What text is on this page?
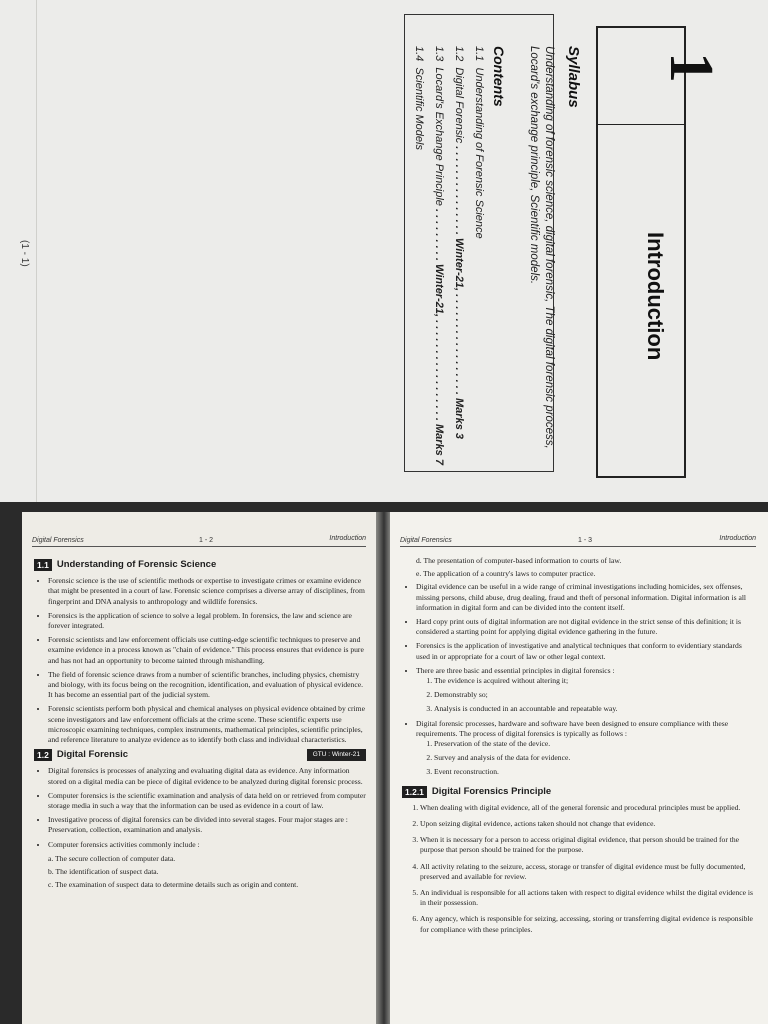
1
Introduction
Syllabus
Understanding of forensic science, digital forensic, The digital forensic process, Locard's exchange principle, Scientific models.
Contents
1.1  Understanding of Forensic Science
1.2  Digital Forensic . . . . . . . . . . . . . . . Winter-21, . . . . . . . . . . . . . . . . . Marks 3
1.3  Locard's Exchange Principle . . . . . . . . . Winter-21, . . . . . . . . . . . . . . . . . Marks 7
1.4  Scientific Models
(1 - 1)
Digital Forensics	1 - 2	Introduction
1.1 Understanding of Forensic Science
• Forensic science is the use of scientific methods or expertise to investigate crimes or examine evidence that might be presented in a court of law. Forensic science comprises a diverse array of disciplines, from fingerprint and DNA analysis to anthropology and wildlife forensics.
• Forensics is the application of science to solve a legal problem. In forensics, the law and science are forever integrated.
• Forensic scientists and law enforcement officials use cutting-edge scientific techniques to preserve and examine evidence in a process known as "chain of evidence." This process ensures that evidence is pure and has not had an opportunity to become tainted through mishandling.
• The field of forensic science draws from a number of scientific branches, including physics, chemistry and biology, with its focus being on the recognition, identification, and evaluation of physical evidence. It has become an essential part of the judicial system.
• Forensic scientists perform both physical and chemical analyses on physical evidence obtained by crime scene investigators and law enforcement officials at the crime scene. These scientific experts use microscopic examining techniques, complex instruments, mathematical principles, scientific principles, and reference literature to analyze evidence as to identify both class and individual characteristics.
1.2 Digital Forensic	GTU : Winter-21
• Digital forensics is processes of analyzing and evaluating digital data as evidence. Any information stored on a digital media can be piece of digital evidence to be analyzed during digital forensic process.
• Computer forensics is the scientific examination and analysis of data held on or retrieved from computer storage media in such a way that the information can be used as evidence in a court of law.
• Investigative process of digital forensics can be divided into several stages. Four major stages are : Preservation, collection, examination and analysis.
• Computer forensics activities commonly include :
a. The secure collection of computer data.
b. The identification of suspect data.
c. The examination of suspect data to determine details such as origin and content.
Digital Forensics	1 - 3	Introduction
d. The presentation of computer-based information to courts of law.
e. The application of a country's laws to computer practice.
• Digital evidence can be useful in a wide range of criminal investigations including homicides, sex offenses, missing persons, child abuse, drug dealing, fraud and theft of personal information. Digital information is all information in digital form and can be divided into the content itself.
• Hard copy print outs of digital information are not digital evidence in the strict sense of this definition; it is considered a starting point for applying digital evidence gathering in the future.
• Forensics is the application of investigative and analytical techniques that conform to evidentiary standards used in or appropriate for a court of law or other legal context.
• There are three basic and essential principles in digital forensics :
1. The evidence is acquired without altering it;
2. Demonstrably so;
3. Analysis is conducted in an accountable and repeatable way.
• Digital forensic processes, hardware and software have been designed to ensure compliance with these requirements. The process of digital forensics is typically as follows :
1. Preservation of the state of the device.
2. Survey and analysis of the data for evidence.
3. Event reconstruction.
1.2.1 Digital Forensics Principle
1. When dealing with digital evidence, all of the general forensic and procedural principles must be applied.
2. Upon seizing digital evidence, actions taken should not change that evidence.
3. When it is necessary for a person to access original digital evidence, that person should be trained for the purpose that person should be trained for the purpose.
4. All activity relating to the seizure, access, storage or transfer of digital evidence must be fully documented, preserved and available for review.
5. An individual is responsible for all actions taken with respect to digital evidence whilst the digital evidence is in their possession.
6. Any agency, which is responsible for seizing, accessing, storing or transferring digital evidence is responsible for compliance with these principles.
